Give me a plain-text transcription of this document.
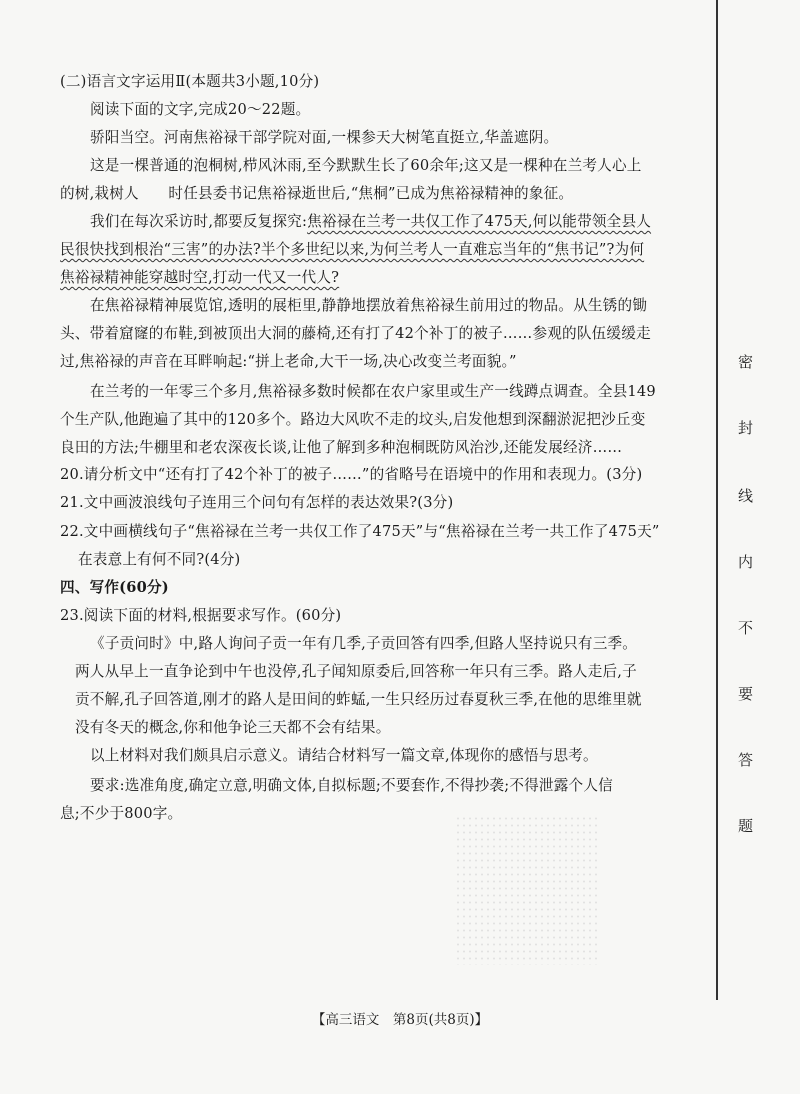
(二)语言文字运用Ⅱ(本题共3小题,10分)
阅读下面的文字,完成20～22题。
骄阳当空。河南焦裕禄干部学院对面,一棵参天大树笔直挺立,华盖遮阴。
这是一棵普通的泡桐树,栉风沐雨,至今默默生长了60余年;这又是一棵种在兰考人心上
的树,栽树人　　时任县委书记焦裕禄逝世后,“焦桐”已成为焦裕禄精神的象征。
我们在每次采访时,都要反复探究:焦裕禄在兰考一共仅工作了475天,何以能带领全县人
民很快找到根治“三害”的办法?半个多世纪以来,为何兰考人一直难忘当年的“焦书记”?为何
焦裕禄精神能穿越时空,打动一代又一代人?
在焦裕禄精神展览馆,透明的展柜里,静静地摆放着焦裕禄生前用过的物品。从生锈的锄
头、带着窟窿的布鞋,到被顶出大洞的藤椅,还有打了42个补丁的被子……参观的队伍缓缓走
过,焦裕禄的声音在耳畔响起:“拼上老命,大干一场,决心改变兰考面貌。”
在兰考的一年零三个多月,焦裕禄多数时候都在农户家里或生产一线蹲点调查。全县149
个生产队,他跑遍了其中的120多个。路边大风吹不走的坟头,启发他想到深翻淤泥把沙丘变
良田的方法;牛棚里和老农深夜长谈,让他了解到多种泡桐既防风治沙,还能发展经济……
20.请分析文中“还有打了42个补丁的被子……”的省略号在语境中的作用和表现力。(3分)
21.文中画波浪线句子连用三个问句有怎样的表达效果?(3分)
22.文中画横线句子“焦裕禄在兰考一共仅工作了475天”与“焦裕禄在兰考一共工作了475天”
在表意上有何不同?(4分)
四、写作(60分)
23.阅读下面的材料,根据要求写作。(60分)
《子贡问时》中,路人询问子贡一年有几季,子贡回答有四季,但路人坚持说只有三季。
两人从早上一直争论到中午也没停,孔子闻知原委后,回答称一年只有三季。路人走后,子
贡不解,孔子回答道,刚才的路人是田间的蚱蜢,一生只经历过春夏秋三季,在他的思维里就
没有冬天的概念,你和他争论三天都不会有结果。
以上材料对我们颇具启示意义。请结合材料写一篇文章,体现你的感悟与思考。
要求:选准角度,确定立意,明确文体,自拟标题;不要套作,不得抄袭;不得泄露个人信
息;不少于800字。
密
封
线
内
不
要
答
题
【高三语文　第8页(共8页)】
